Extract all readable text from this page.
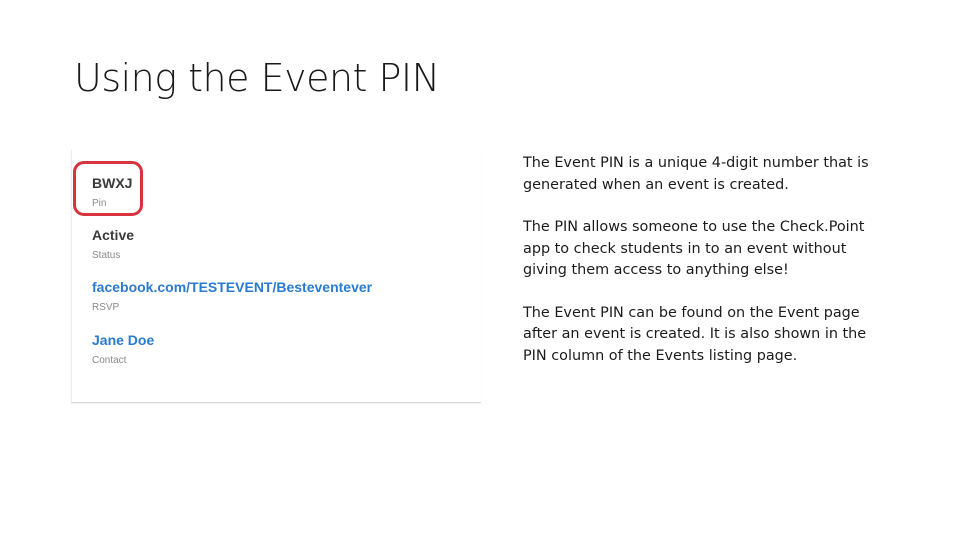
Using the Event PIN
BWXJ
Pin
Active
Status
facebook.com/TESTEVENT/Besteventever
RSVP
Jane Doe
Contact

The Event PIN is a unique 4-digit number that is generated when an event is created.

The PIN allows someone to use the Check.Point app to check students in to an event without giving them access to anything else!

The Event PIN can be found on the Event page after an event is created. It is also shown in the PIN column of the Events listing page.
